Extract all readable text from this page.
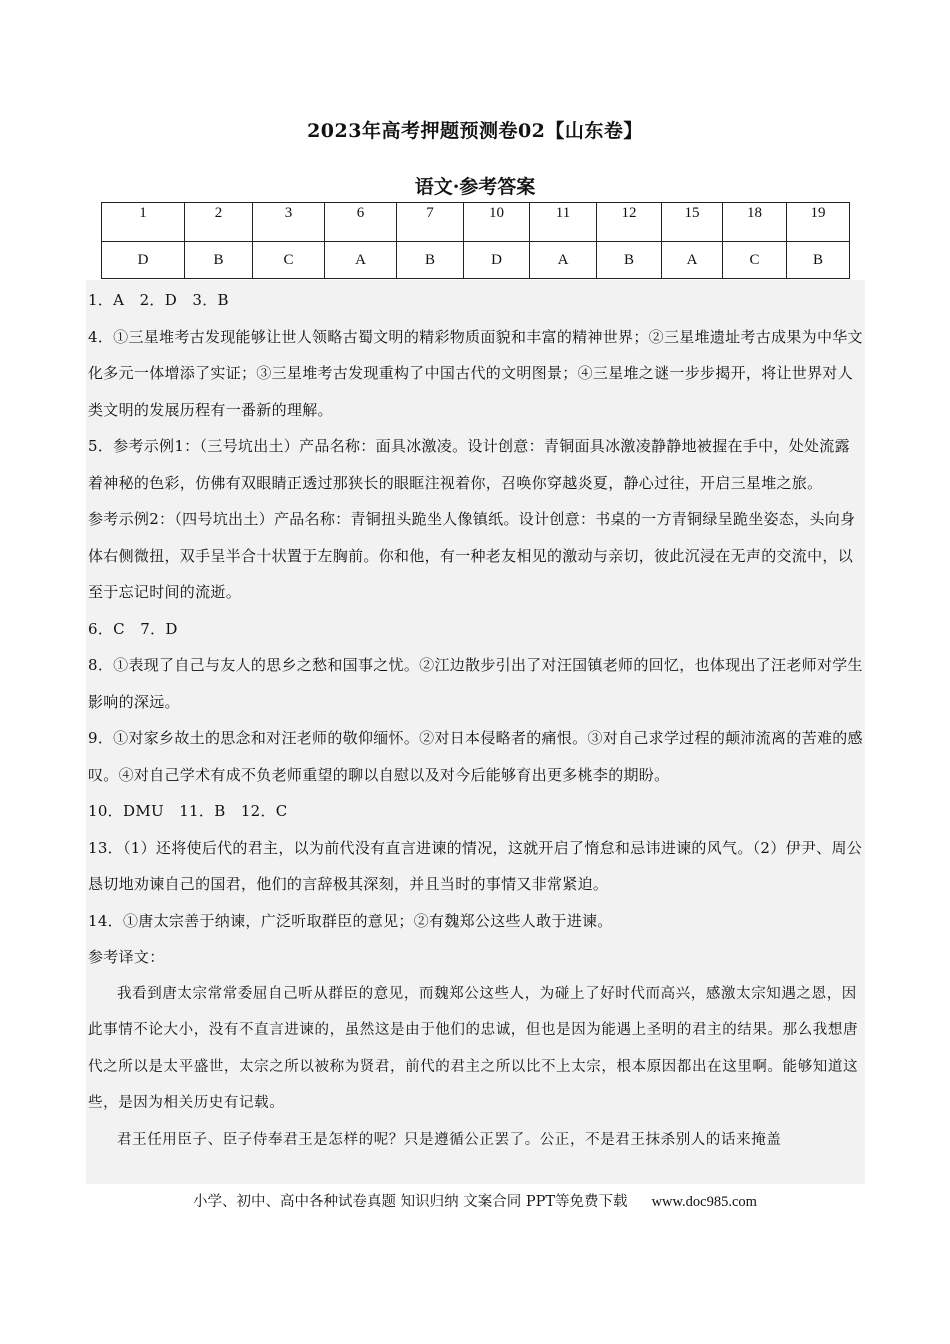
2023年高考押题预测卷02【山东卷】
语文·参考答案
1	2	3	6	7	10	11	12	15	18	19
D	B	C	A	B	D	A	B	A	C	B

1．A　2．D　3．B

4．①三星堆考古发现能够让世人领略古蜀文明的精彩物质面貌和丰富的精神世界；②三星堆遗址考古成果为中华文化多元一体增添了实证；③三星堆考古发现重构了中国古代的文明图景；④三星堆之谜一步步揭开，将让世界对人类文明的发展历程有一番新的理解。

5．参考示例1：（三号坑出土）产品名称：面具冰激凌。设计创意：青铜面具冰激凌静静地被握在手中，处处流露着神秘的色彩，仿佛有双眼睛正透过那狭长的眼眶注视着你，召唤你穿越炎夏，静心过往，开启三星堆之旅。

参考示例2：（四号坑出土）产品名称：青铜扭头跪坐人像镇纸。设计创意：书桌的一方青铜绿呈跪坐姿态，头向身体右侧微扭，双手呈半合十状置于左胸前。你和他，有一种老友相见的激动与亲切，彼此沉浸在无声的交流中，以至于忘记时间的流逝。

6．C　7．D

8．①表现了自己与友人的思乡之愁和国事之忧。②江边散步引出了对汪国镇老师的回忆，也体现出了汪老师对学生影响的深远。

9．①对家乡故土的思念和对汪老师的敬仰缅怀。②对日本侵略者的痛恨。③对自己求学过程的颠沛流离的苦难的感叹。④对自己学术有成不负老师重望的聊以自慰以及对今后能够育出更多桃李的期盼。

10．DMU　11．B　12．C

13．（1）还将使后代的君主，以为前代没有直言进谏的情况，这就开启了惰怠和忌讳进谏的风气。（2）伊尹、周公恳切地劝谏自己的国君，他们的言辞极其深刻，并且当时的事情又非常紧迫。

14．①唐太宗善于纳谏，广泛听取群臣的意见；②有魏郑公这些人敢于进谏。

参考译文：

我看到唐太宗常常委屈自己听从群臣的意见，而魏郑公这些人，为碰上了好时代而高兴，感激太宗知遇之恩，因此事情不论大小，没有不直言进谏的，虽然这是由于他们的忠诚，但也是因为能遇上圣明的君主的结果。那么我想唐代之所以是太平盛世，太宗之所以被称为贤君，前代的君主之所以比不上太宗，根本原因都出在这里啊。能够知道这些，是因为相关历史有记载。

君王任用臣子、臣子侍奉君王是怎样的呢？只是遵循公正罢了。公正，不是君王抹杀别人的话来掩盖

小学、初中、高中各种试卷真题 知识归纳 文案合同 PPT等免费下载 www.doc985.com
